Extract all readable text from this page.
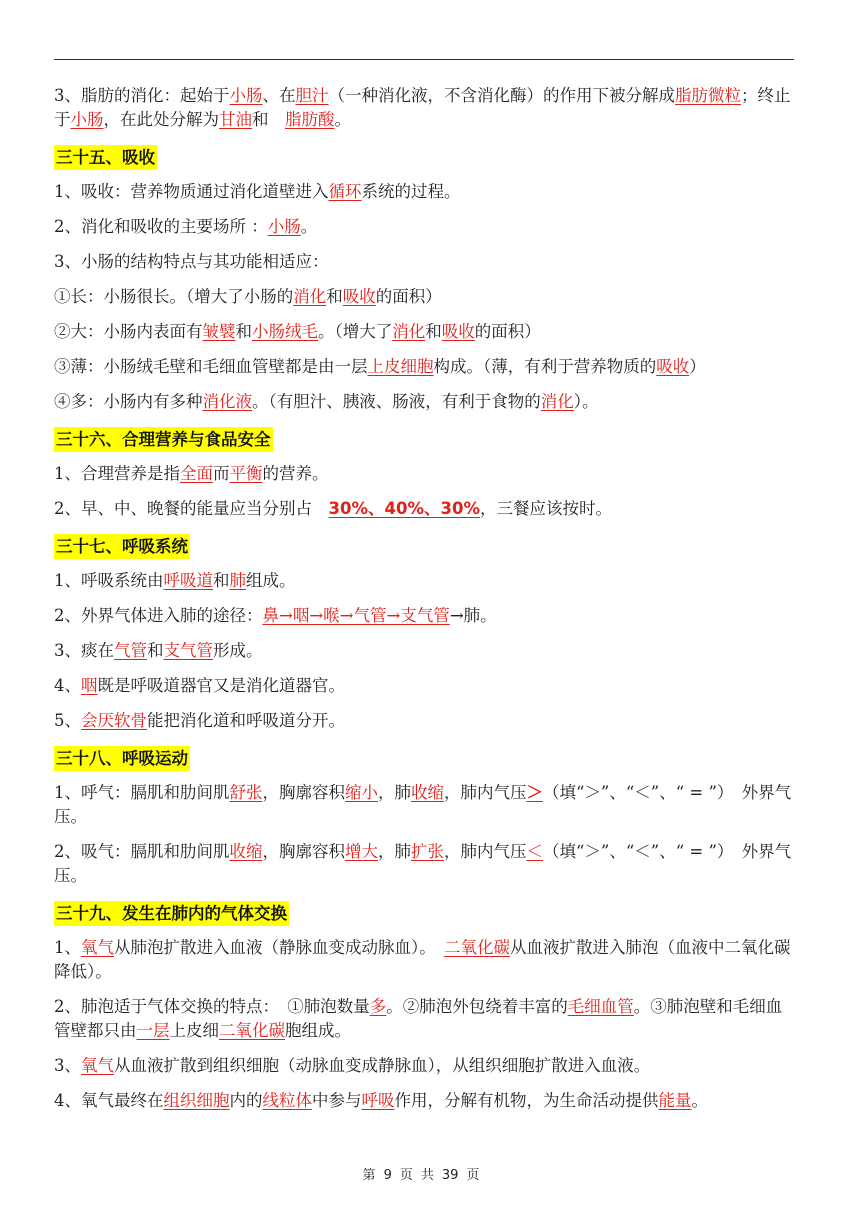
3、脂肪的消化：起始于小肠、在胆汁（一种消化液，不含消化酶）的作用下被分解成脂肪微粒；终止于小肠，在此处分解为甘油和　脂肪酸。

三十五、吸收

1、吸收：营养物质通过消化道壁进入循环系统的过程。

2、消化和吸收的主要场所 ：小肠。

3、小肠的结构特点与其功能相适应：

①长：小肠很长。（增大了小肠的消化和吸收的面积）

②大：小肠内表面有皱襞和小肠绒毛。（增大了消化和吸收的面积）

③薄：小肠绒毛壁和毛细血管壁都是由一层上皮细胞构成。（薄，有利于营养物质的吸收）

④多：小肠内有多种消化液。（有胆汁、胰液、肠液，有利于食物的消化）。

三十六、合理营养与食品安全

1、合理营养是指全面而平衡的营养。

2、早、中、晚餐的能量应当分别占　30%、40%、30%，三餐应该按时。

三十七、呼吸系统

1、呼吸系统由呼吸道和肺组成。

2、外界气体进入肺的途径：鼻→咽→喉→气管→支气管→肺。

3、痰在气管和支气管形成。

4、咽既是呼吸道器官又是消化道器官。

5、会厌软骨能把消化道和呼吸道分开。

三十八、呼吸运动

1、呼气：膈肌和肋间肌舒张，胸廓容积缩小，肺收缩，肺内气压＞（填“＞”、“＜”、“ = ”）　外界气压。

2、吸气：膈肌和肋间肌收缩，胸廓容积增大，肺扩张，肺内气压＜（填“＞”、“＜”、“ = ”）　外界气压。

三十九、发生在肺内的气体交换

1、氧气从肺泡扩散进入血液（静脉血变成动脉血）。　二氧化碳从血液扩散进入肺泡（血液中二氧化碳降低）。

2、肺泡适于气体交换的特点：　①肺泡数量多。②肺泡外包绕着丰富的毛细血管。③肺泡壁和毛细血管壁都只由一层上皮细二氧化碳胞组成。

3、氧气从血液扩散到组织细胞（动脉血变成静脉血），从组织细胞扩散进入血液。

4、氧气最终在组织细胞内的线粒体中参与呼吸作用，分解有机物，为生命活动提供能量。

第 9 页 共 39 页
